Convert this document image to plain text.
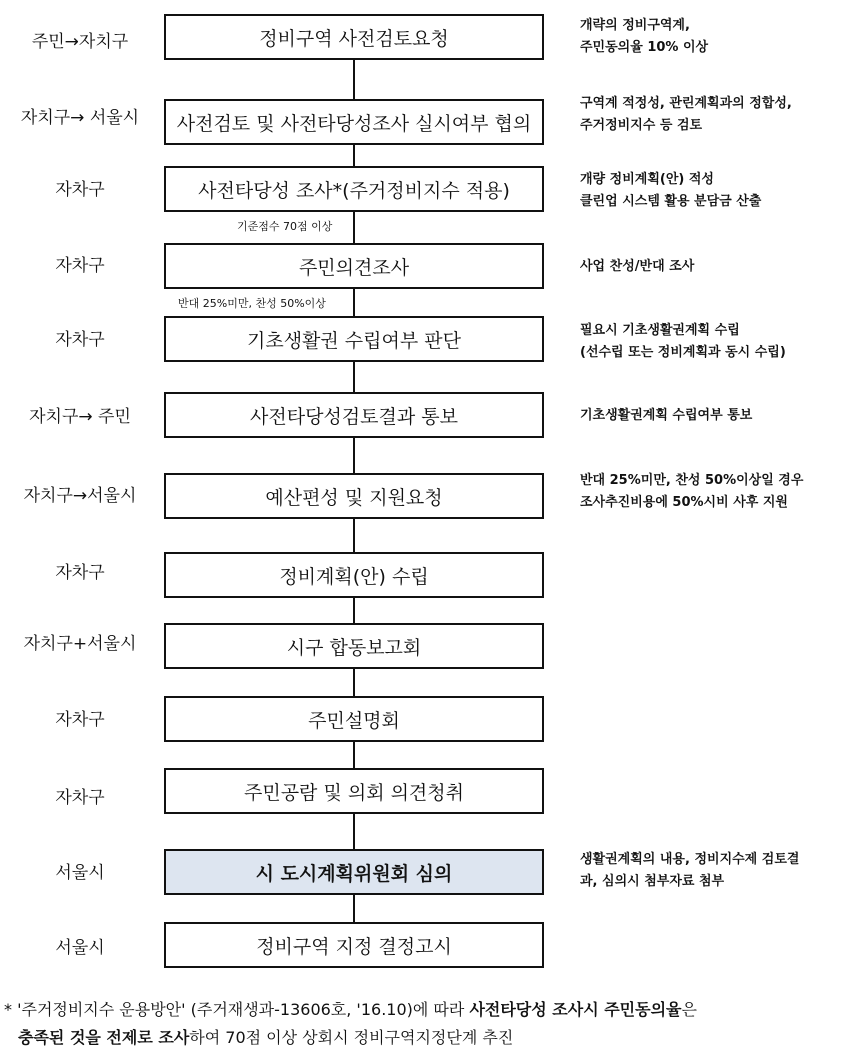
기준점수 70점 이상
반대 25%미만, 찬성 50%이상
주민→자치구	정비구역 사전검토요청
개략의 정비구역계,
주민동의율 10% 이상
자치구→ 서울시	사전검토 및 사전타당성조사 실시여부 협의
구역계 적정성, 관린계획과의 정합성,
주거정비지수 등 검토
자차구	사전타당성 조사*(주거정비지수 적용)	개량 정비계획(안) 적성
클린업 시스템 활용 분담금 산출
자차구	주민의견조사	사업 찬성/반대 조사
자차구	기초생활권 수립여부 판단	필요시 기초생활권계획 수립
(선수립 또는 정비계획과 동시 수립)
자치구→ 주민	사전타당성검토결과 통보	기초생활권계획 수립여부 통보
자치구→서울시	예산편성 및 지원요청
반대 25%미만, 찬성 50%이상일 경우
조사추진비용에 50%시비 사후 지원
자차구	정비계획(안) 수립
자치구+서울시	시구 합동보고회
자차구	주민설명회
자차구	주민공람 및 의회 의견청취
서울시	시 도시계획위원회 심의
생활권계획의 내용, 정비지수제 검토결
과, 심의시 첨부자료 첨부
서울시	정비구역 지정 결정고시
* '주거정비지수 운용방안' (주거재생과-13606호, '16.10)에 따라 사전타당성 조사시 주민동의율은
충족된 것을 전제로 조사하여 70점 이상 상회시 정비구역지정단계 추진
